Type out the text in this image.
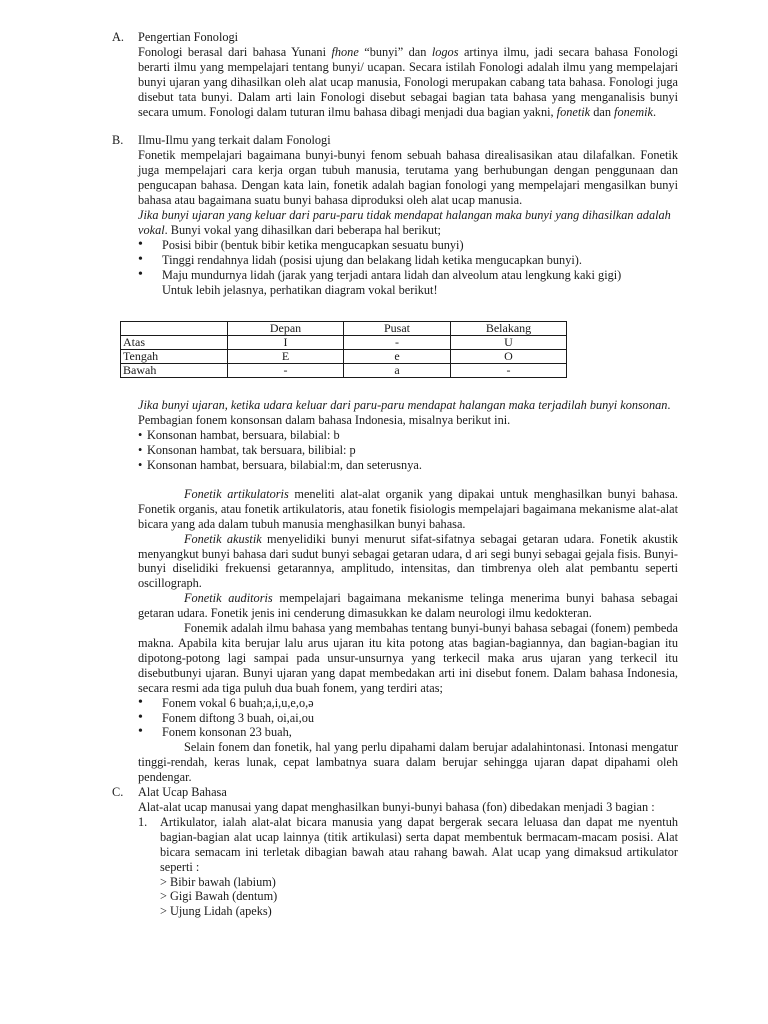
A. Pengertian Fonologi

Fonologi berasal dari bahasa Yunani fhone “bunyi” dan logos artinya ilmu, jadi secara bahasa Fonologi berarti ilmu yang mempelajari tentang bunyi/ ucapan. Secara istilah Fonologi adalah ilmu yang mempelajari bunyi ujaran yang dihasilkan oleh alat ucap manusia, Fonologi merupakan cabang tata bahasa. Fonologi juga disebut tata bunyi. Dalam arti lain Fonologi disebut sebagai bagian tata bahasa yang menganalisis bunyi secara umum. Fonologi dalam tuturan ilmu bahasa dibagi menjadi dua bagian yakni, fonetik dan fonemik.

B. Ilmu-Ilmu yang terkait dalam Fonologi

Fonetik mempelajari bagaimana bunyi-bunyi fenom sebuah bahasa direalisasikan atau dilafalkan. Fonetik juga mempelajari cara kerja organ tubuh manusia, terutama yang berhubungan dengan penggunaan dan pengucapan bahasa. Dengan kata lain, fonetik adalah bagian fonologi yang mempelajari mengasilkan bunyi bahasa atau bagaimana suatu bunyi bahasa diproduksi oleh alat ucap manusia.

Jika bunyi ujaran yang keluar dari paru-paru tidak mendapat halangan maka bunyi yang dihasilkan adalah vokal. Bunyi vokal yang dihasilkan dari beberapa hal berikut;

• Posisi bibir (bentuk bibir ketika mengucapkan sesuatu bunyi)
• Tinggi rendahnya lidah (posisi ujung dan belakang lidah ketika mengucapkan bunyi).
• Maju mundurnya lidah (jarak yang terjadi antara lidah dan alveolum atau lengkung kaki gigi)
Untuk lebih jelasnya, perhatikan diagram vokal berikut!
	Depan	Pusat	Belakang
Atas	I	-	U
Tengah	E	e	O
Bawah	-	a	-

Jika bunyi ujaran, ketika udara keluar dari paru-paru mendapat halangan maka terjadilah bunyi konsonan.

Pembagian fonem konsonsan dalam bahasa Indonesia, misalnya berikut ini.

• Konsonan hambat, bersuara, bilabial: b
• Konsonan hambat, tak bersuara, bilibial: p
• Konsonan hambat, bersuara, bilabial:m, dan seterusnya.

Fonetik artikulatoris meneliti alat-alat organik yang dipakai untuk menghasilkan bunyi bahasa. Fonetik organis, atau fonetik artikulatoris, atau fonetik fisiologis mempelajari bagaimana mekanisme alat-alat bicara yang ada dalam tubuh manusia menghasilkan bunyi bahasa.

Fonetik akustik menyelidiki bunyi menurut sifat-sifatnya sebagai getaran udara. Fonetik akustik menyangkut bunyi bahasa dari sudut bunyi sebagai getaran udara, d ari segi bunyi sebagai gejala fisis. Bunyi-bunyi diselidiki frekuensi getarannya, amplitudo, intensitas, dan timbrenya oleh alat pembantu seperti oscillograph.

Fonetik auditoris mempelajari bagaimana mekanisme telinga menerima bunyi bahasa sebagai getaran udara. Fonetik jenis ini cenderung dimasukkan ke dalam neurologi ilmu kedokteran.

Fonemik adalah ilmu bahasa yang membahas tentang bunyi-bunyi bahasa sebagai (fonem) pembeda makna. Apabila kita berujar lalu arus ujaran itu kita potong atas bagian-bagiannya, dan bagian-bagian itu dipotong-potong lagi sampai pada unsur-unsurnya yang terkecil maka arus ujaran yang terkecil itu disebutbunyi ujaran. Bunyi ujaran yang dapat membedakan arti ini disebut fonem. Dalam bahasa Indonesia, secara resmi ada tiga puluh dua buah fonem, yang terdiri atas;

• Fonem vokal 6 buah;a,i,u,e,o,ə
• Fonem diftong 3 buah, oi,ai,ou
• Fonem konsonan 23 buah,

Selain fonem dan fonetik, hal yang perlu dipahami dalam berujar adalahintonasi. Intonasi mengatur tinggi-rendah, keras lunak, cepat lambatnya suara dalam berujar sehingga ujaran dapat dipahami oleh pendengar.

C. Alat Ucap Bahasa

Alat-alat ucap manusai yang dapat menghasilkan bunyi-bunyi bahasa (fon) dibedakan menjadi 3 bagian :

1. Artikulator, ialah alat-alat bicara manusia yang dapat bergerak secara leluasa dan dapat me nyentuh bagian-bagian alat ucap lainnya (titik artikulasi) serta dapat membentuk bermacam-macam posisi. Alat bicara semacam ini terletak dibagian bawah atau rahang bawah. Alat ucap yang dimaksud artikulator seperti :

> Bibir bawah (labium)
> Gigi Bawah (dentum)
> Ujung Lidah (apeks)
